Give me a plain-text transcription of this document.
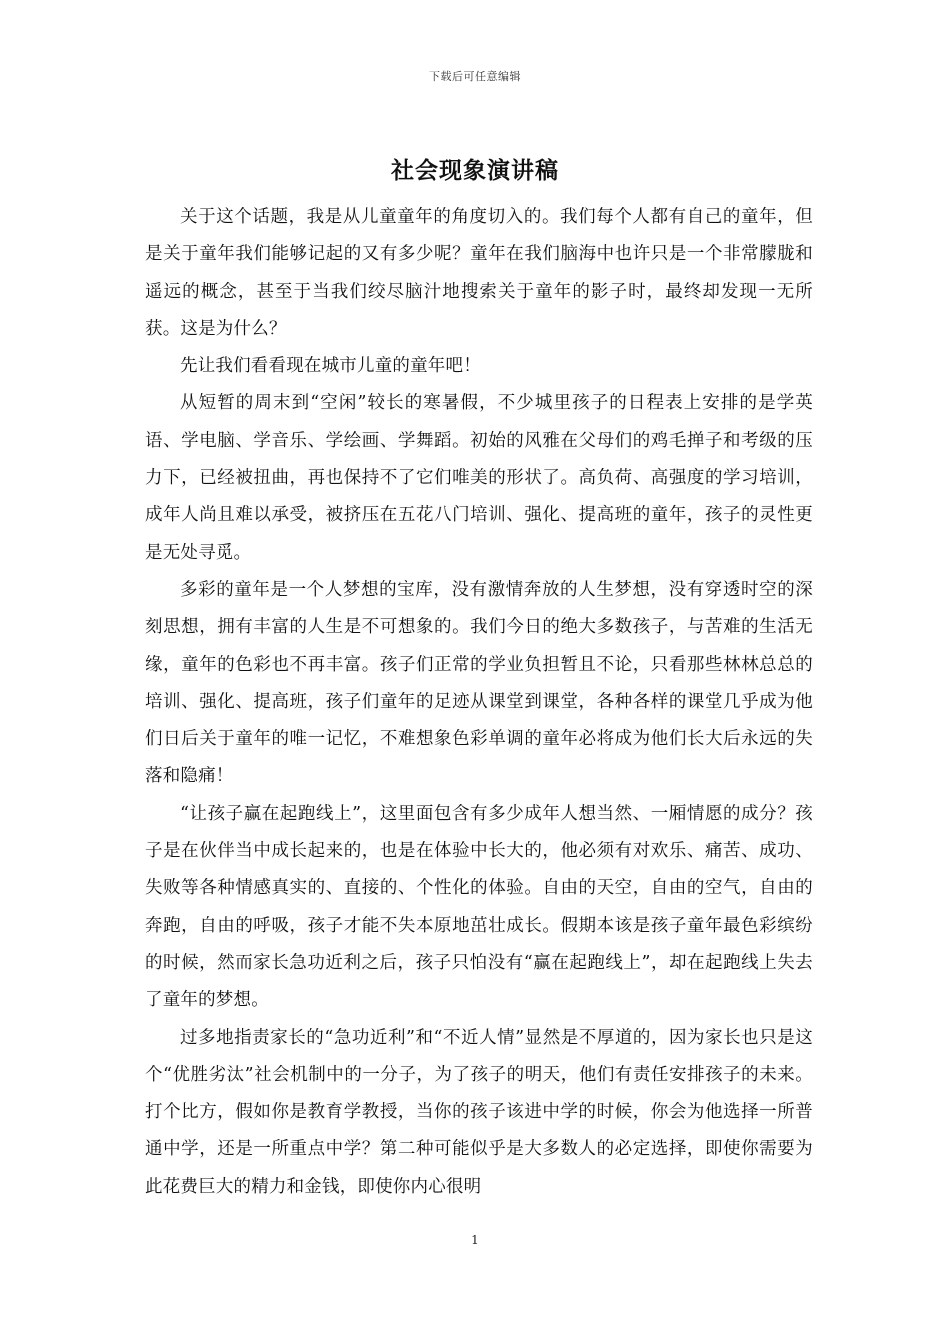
下载后可任意编辑
社会现象演讲稿

关于这个话题，我是从儿童童年的角度切入的。我们每个人都有自己的童年，但是关于童年我们能够记起的又有多少呢？童年在我们脑海中也许只是一个非常朦胧和遥远的概念，甚至于当我们绞尽脑汁地搜索关于童年的影子时，最终却发现一无所获。这是为什么？

先让我们看看现在城市儿童的童年吧！

从短暂的周末到“空闲”较长的寒暑假，不少城里孩子的日程表上安排的是学英语、学电脑、学音乐、学绘画、学舞蹈。初始的风雅在父母们的鸡毛掸子和考级的压力下，已经被扭曲，再也保持不了它们唯美的形状了。高负荷、高强度的学习培训，成年人尚且难以承受，被挤压在五花八门培训、强化、提高班的童年，孩子的灵性更是无处寻觅。

多彩的童年是一个人梦想的宝库，没有激情奔放的人生梦想，没有穿透时空的深刻思想，拥有丰富的人生是不可想象的。我们今日的绝大多数孩子，与苦难的生活无缘，童年的色彩也不再丰富。孩子们正常的学业负担暂且不论，只看那些林林总总的培训、强化、提高班，孩子们童年的足迹从课堂到课堂，各种各样的课堂几乎成为他们日后关于童年的唯一记忆，不难想象色彩单调的童年必将成为他们长大后永远的失落和隐痛！

“让孩子赢在起跑线上”，这里面包含有多少成年人想当然、一厢情愿的成分？孩子是在伙伴当中成长起来的，也是在体验中长大的，他必须有对欢乐、痛苦、成功、失败等各种情感真实的、直接的、个性化的体验。自由的天空，自由的空气，自由的奔跑，自由的呼吸，孩子才能不失本原地茁壮成长。假期本该是孩子童年最色彩缤纷的时候，然而家长急功近利之后，孩子只怕没有“赢在起跑线上”，却在起跑线上失去了童年的梦想。

过多地指责家长的“急功近利”和“不近人情”显然是不厚道的，因为家长也只是这个“优胜劣汰”社会机制中的一分子，为了孩子的明天，他们有责任安排孩子的未来。打个比方，假如你是教育学教授，当你的孩子该进中学的时候，你会为他选择一所普通中学，还是一所重点中学？第二种可能似乎是大多数人的必定选择，即使你需要为此花费巨大的精力和金钱，即使你内心很明

1
